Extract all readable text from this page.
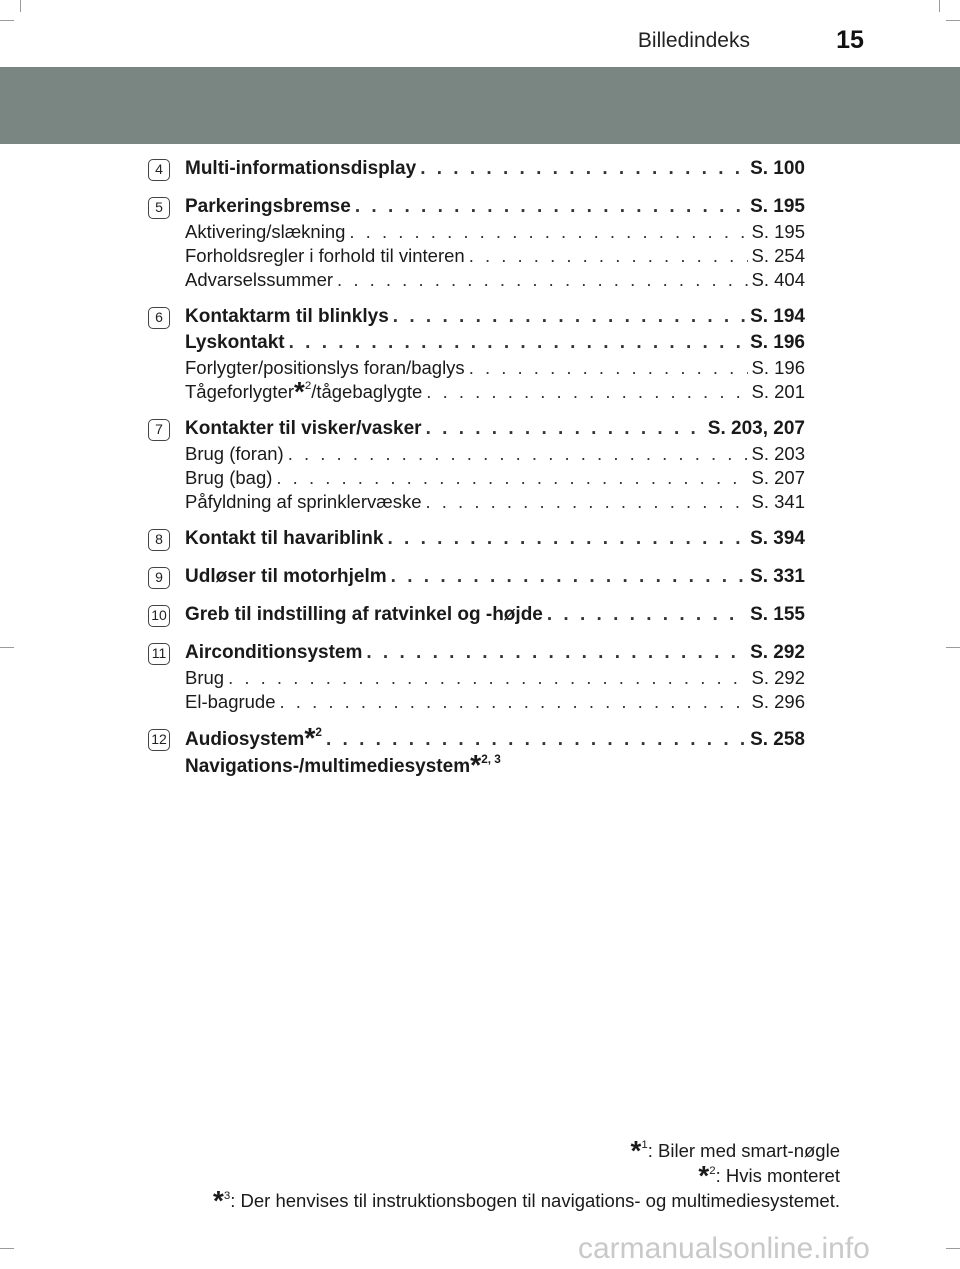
Billedindeks	15
4	Multi-informationsdisplay . . .	S. 100
5	Parkeringsbremse . . .	S. 195
Aktivering/slækning . . .	S. 195
Forholdsregler i forhold til vinteren . . .	S. 254
Advarselssummer . . .	S. 404
6	Kontaktarm til blinklys . . .	S. 194
Lyskontakt . . .	S. 196
Forlygter/positionslys foran/baglys . . .	S. 196
Tågeforlygter*$^2$/tågebaglygte . . .	S. 201
7	Kontakter til visker/vasker . . .	S. 203, 207
Brug (foran) . . .	S. 203
Brug (bag) . . .	S. 207
Påfyldning af sprinklervæske . . .	S. 341
8	Kontakt til havariblink . . .	S. 394
9	Udløser til motorhjelm . . .	S. 331
10 Greb til indstilling af ratvinkel og -højde . . .	S. 155
11 Airconditionsystem . . .	S. 292
Brug . . .	S. 292
El-bagrude . . .	S. 296
12 Audiosystem*$^2$ . . .	S. 258
Navigations-/multimediesystem*$^{2, 3}$
*$^1$: Biler med smart-nøgle
*$^2$: Hvis monteret
*$^3$: Der henvises til instruktionsbogen til navigations- og multimediesystemet.
carmanualsonline.info
